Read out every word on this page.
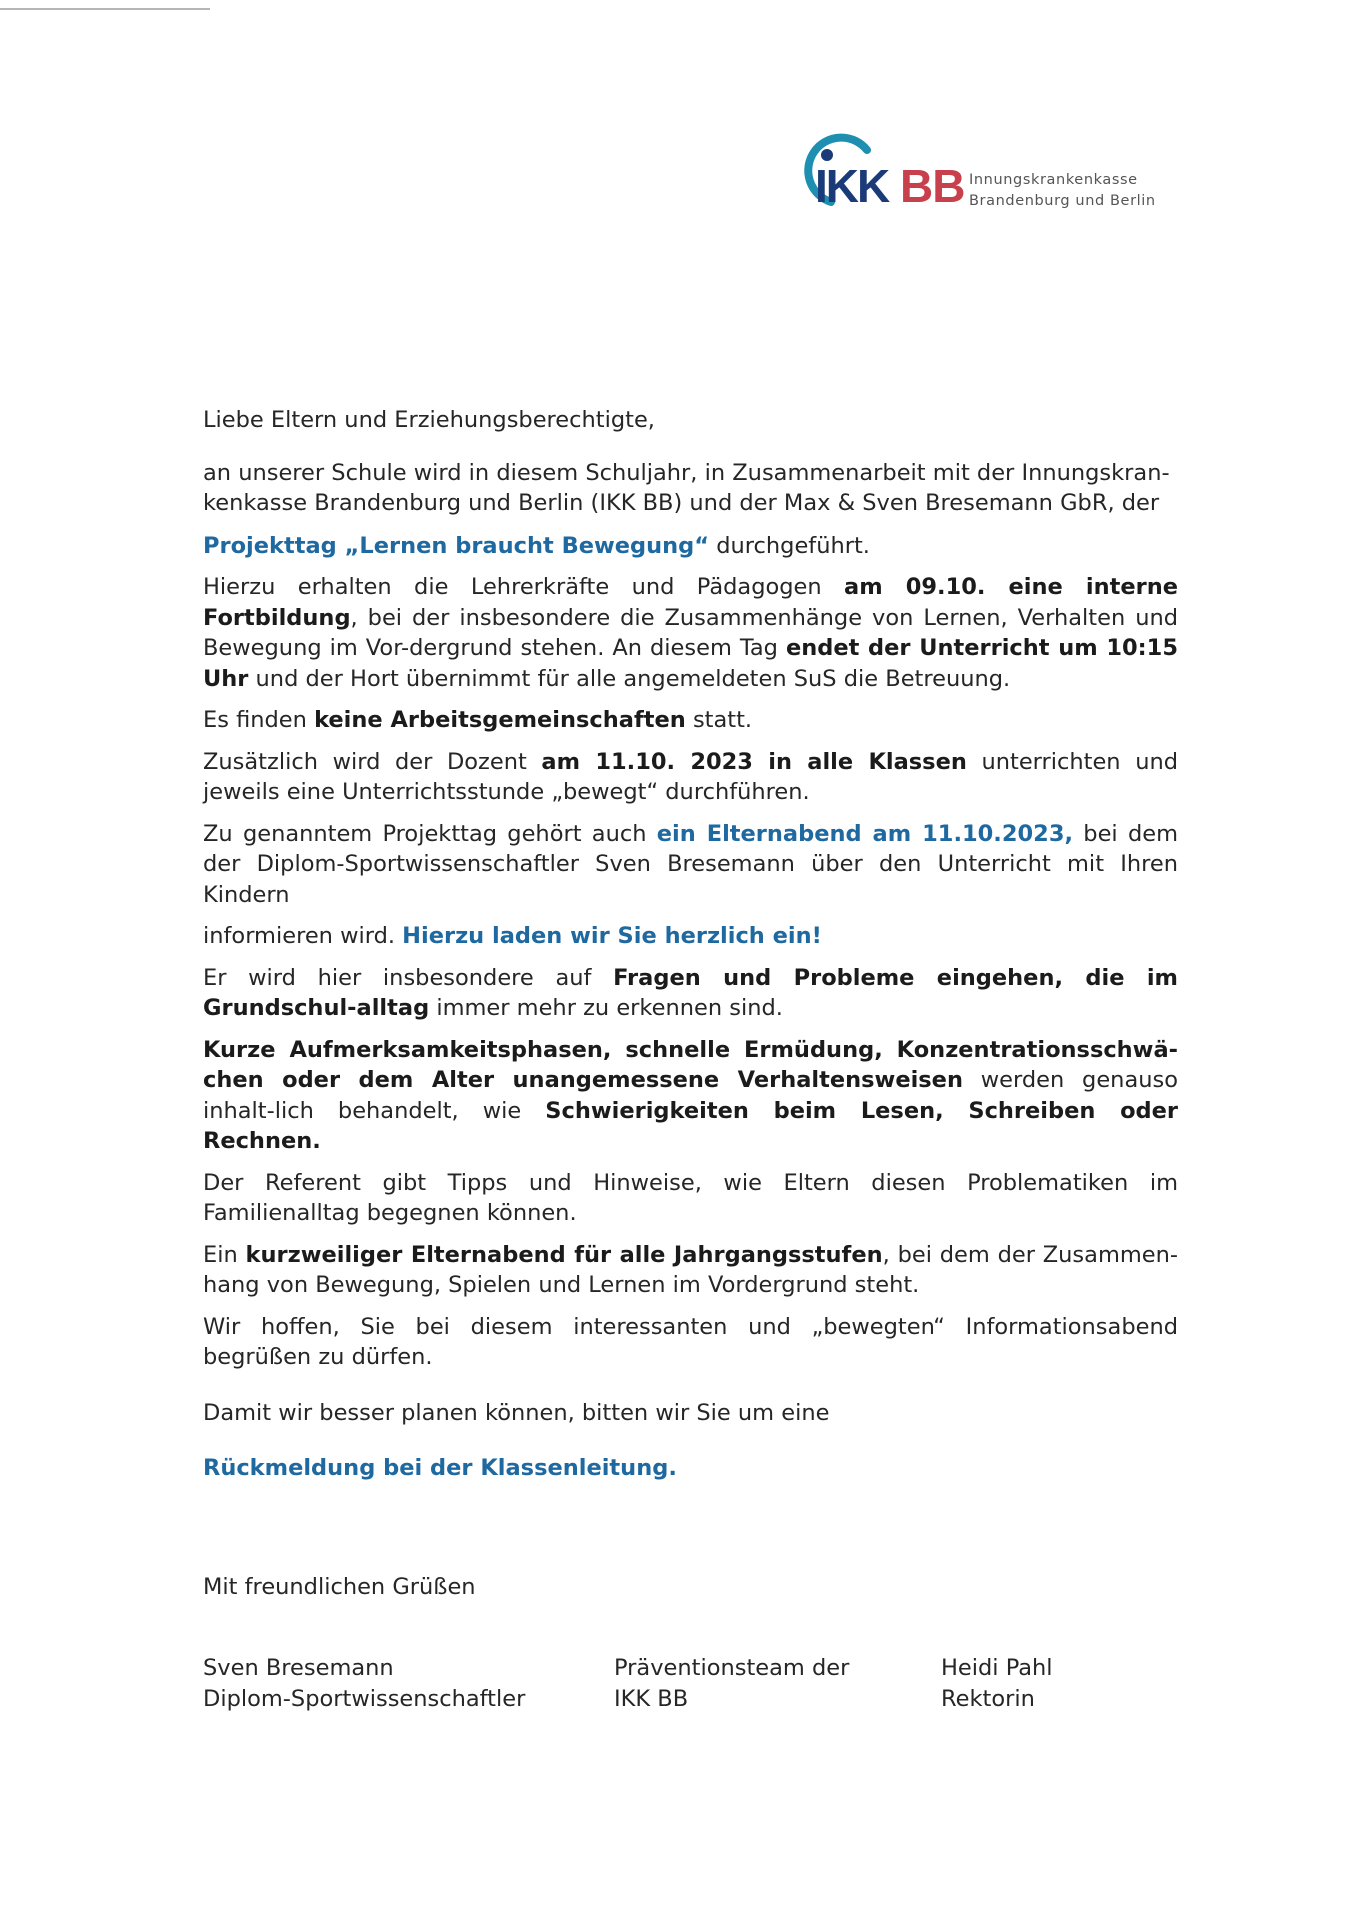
IKK BB Innungskrankenkasse
Brandenburg und Berlin

Liebe Eltern und Erziehungsberechtigte,

an unserer Schule wird in diesem Schuljahr, in Zusammenarbeit mit der Innungskran-
kenkasse Brandenburg und Berlin (IKK BB) und der Max & Sven Bresemann GbR, der

Projekttag „Lernen braucht Bewegung“ durchgeführt.

Hierzu erhalten die Lehrerkräfte und Pädagogen am 09.10. eine interne Fortbildung, bei der insbesondere die Zusammenhänge von Lernen, Verhalten und Bewegung im Vor-dergrund stehen. An diesem Tag endet der Unterricht um 10:15 Uhr und der Hort übernimmt für alle angemeldeten SuS die Betreuung.

Es finden keine Arbeitsgemeinschaften statt.

Zusätzlich wird der Dozent am 11.10. 2023 in alle Klassen unterrichten und jeweils eine Unterrichtsstunde „bewegt“ durchführen.

Zu genanntem Projekttag gehört auch ein Elternabend am 11.10.2023, bei dem der Diplom-Sportwissenschaftler Sven Bresemann über den Unterricht mit Ihren Kindern

informieren wird. Hierzu laden wir Sie herzlich ein!

Er wird hier insbesondere auf Fragen und Probleme eingehen, die im Grundschul-alltag immer mehr zu erkennen sind.

Kurze Aufmerksamkeitsphasen, schnelle Ermüdung, Konzentrationsschwä-chen oder dem Alter unangemessene Verhaltensweisen werden genauso inhalt-lich behandelt, wie Schwierigkeiten beim Lesen, Schreiben oder Rechnen.

Der Referent gibt Tipps und Hinweise, wie Eltern diesen Problematiken im Familienalltag begegnen können.

Ein kurzweiliger Elternabend für alle Jahrgangsstufen, bei dem der Zusammen-hang von Bewegung, Spielen und Lernen im Vordergrund steht.

Wir hoffen, Sie bei diesem interessanten und „bewegten“ Informationsabend begrüßen zu dürfen.

Damit wir besser planen können, bitten wir Sie um eine

Rückmeldung bei der Klassenleitung.

Mit freundlichen Grüßen
Sven Bresemann
Diplom-Sportwissenschaftler
Präventionsteam der
IKK BB
Heidi Pahl
Rektorin
